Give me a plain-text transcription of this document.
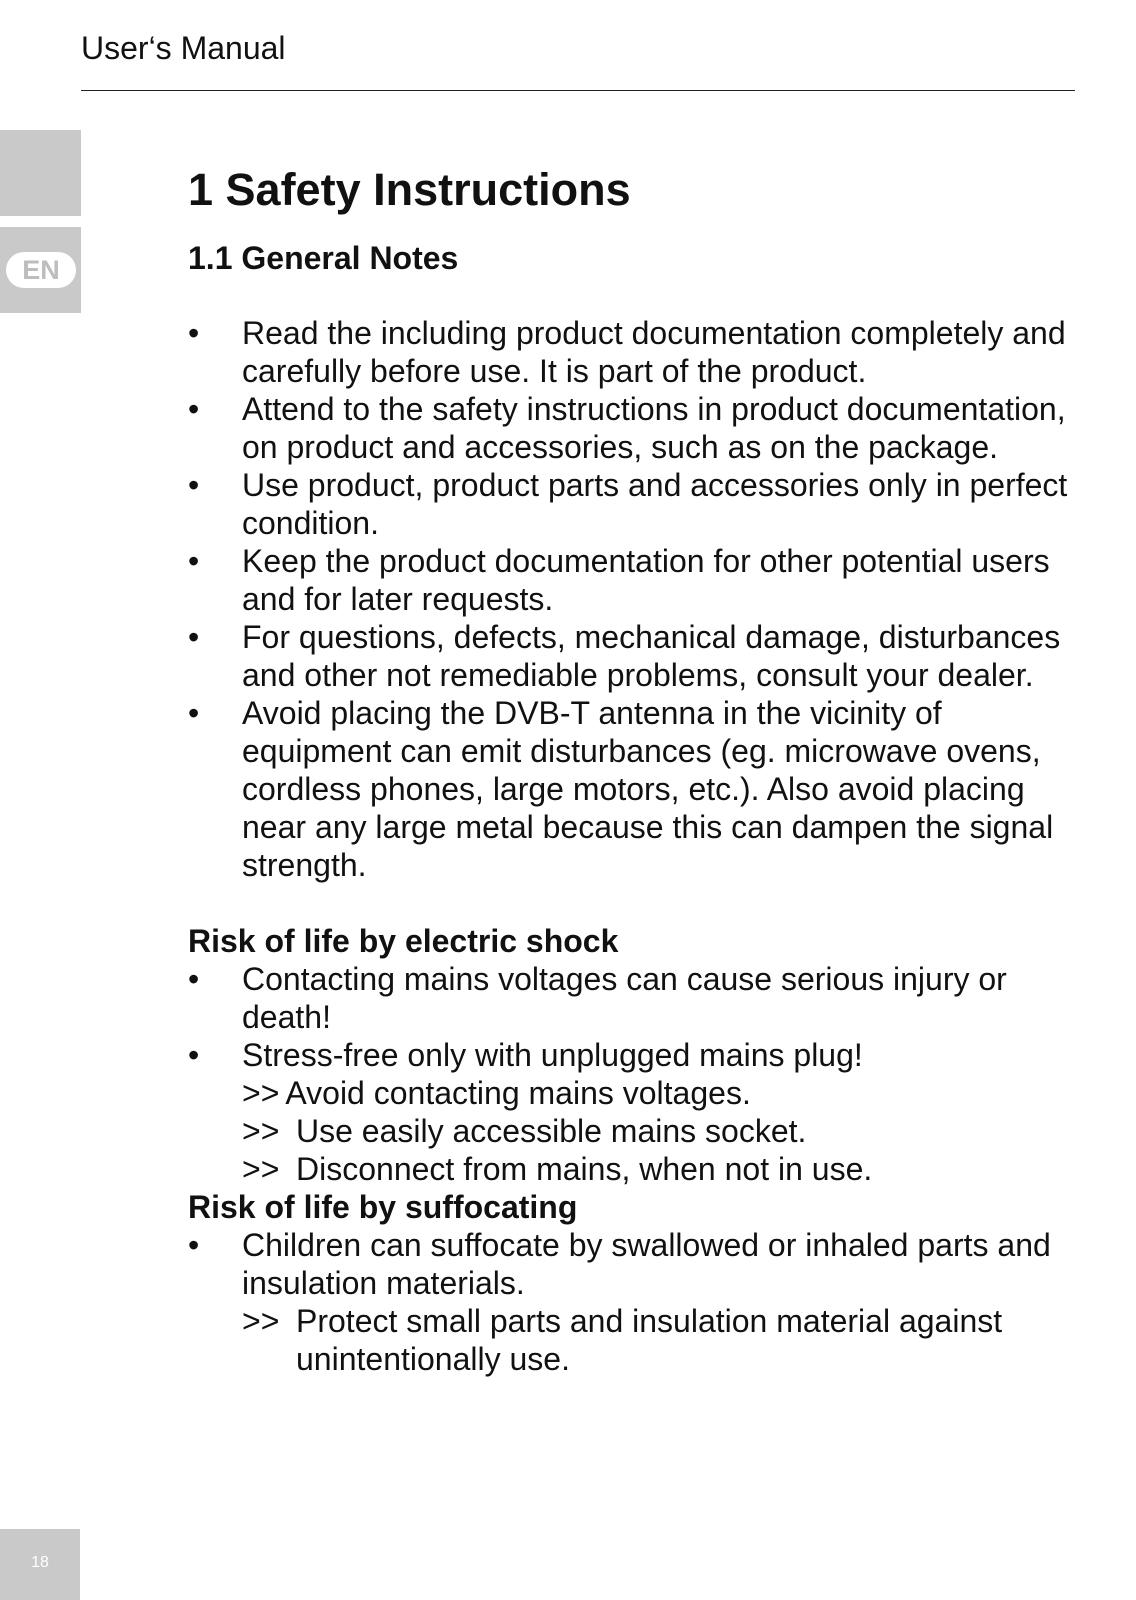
User‘s Manual
EN
18
1 Safety Instructions
1.1 General Notes
• Read the including product documentation completely and carefully before use. It is part of the product.
• Attend to the safety instructions in product documentation, on product and accessories, such as on the package.
• Use product, product parts and accessories only in perfect condition.
• Keep the product documentation for other potential users and for later requests.
• For questions, defects, mechanical damage, disturbances and other not remediable problems, consult your dealer.
• Avoid placing the DVB-T antenna in the vicinity of equipment can emit disturbances (eg. microwave ovens, cordless phones, large motors, etc.). Also avoid placing near any large metal because this can dampen the signal strength.
Risk of life by electric shock
• Contacting mains voltages can cause serious injury or death!
• Stress-free only with unplugged mains plug!
>> Avoid contacting mains voltages.
>> Use easily accessible mains socket.
>> Disconnect from mains, when not in use.
Risk of life by suffocating
• Children can suffocate by swallowed or inhaled parts and insulation materials.
>> Protect small parts and insulation material against unintentionally use.
